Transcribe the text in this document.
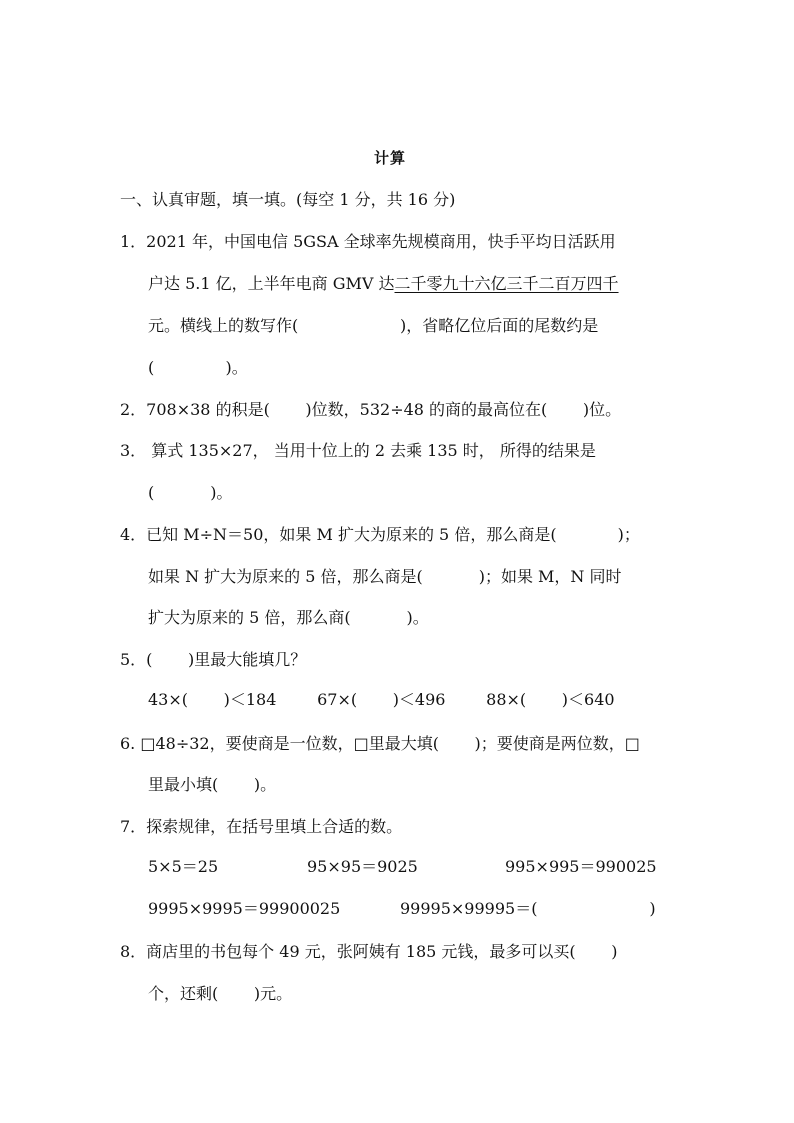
计算
一、认真审题，填一填。(每空 1 分，共 16 分)
1．2021 年，中国电信 5GSA 全球率先规模商用，快手平均日活跃用
户达 5.1 亿，上半年电商 GMV 达二千零九十六亿三千二百万四千
元。横线上的数写作(                    )，省略亿位后面的尾数约是
(              )。
2．708×38 的积是(       )位数，532÷48 的商的最高位在(       )位。
3． 算式 135×27， 当用十位上的 2 去乘 135 时， 所得的结果是
(           )。
4．已知 M÷N＝50，如果 M 扩大为原来的 5 倍，那么商是(            )；
如果 N 扩大为原来的 5 倍，那么商是(           )；如果 M，N 同时
扩大为原来的 5 倍，那么商(           )。
5．(       )里最大能填几？
43×(       )＜184        67×(       )＜496        88×(       )＜640
6. □48÷32，要使商是一位数，□里最大填(       )；要使商是两位数，□
里最小填(       )。
7．探索规律，在括号里填上合适的数。
5×5＝25	95×95＝9025	995×995＝990025
9995×9995＝99900025	99995×99995＝(                      )
8．商店里的书包每个 49 元，张阿姨有 185 元钱，最多可以买(       )
个，还剩(       )元。
